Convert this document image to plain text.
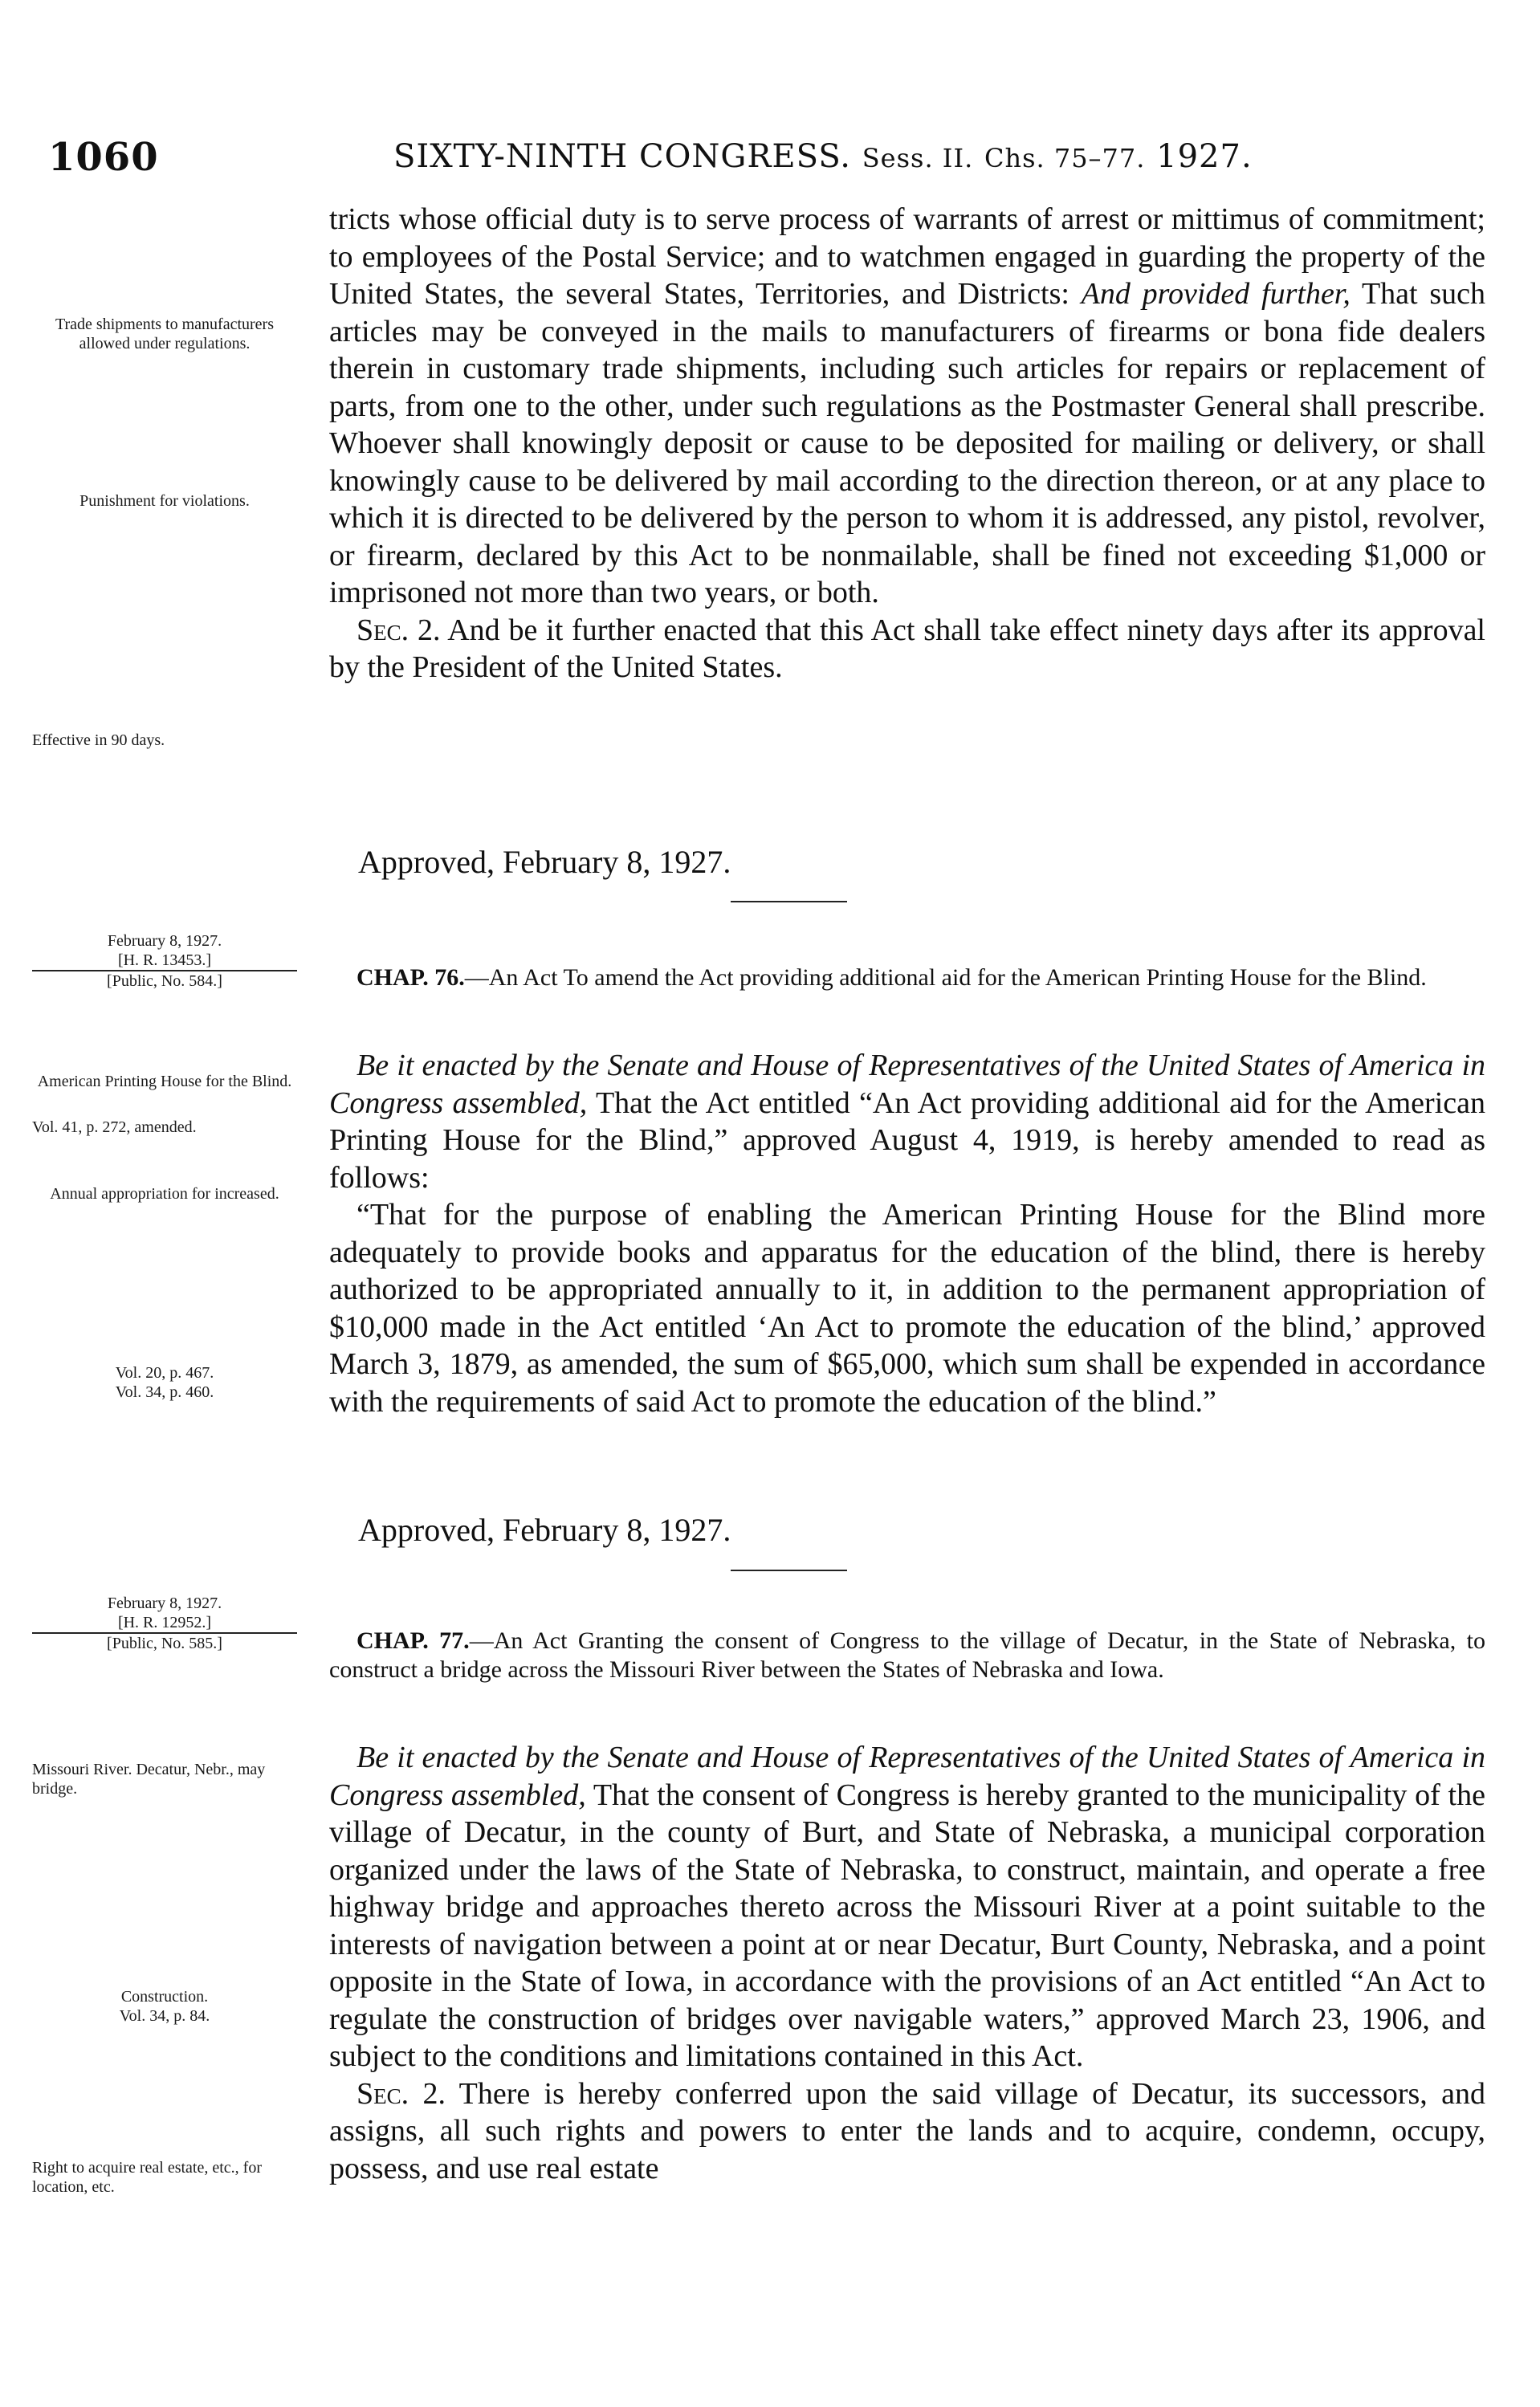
1060	SIXTY-NINTH CONGRESS. Sess. II. Chs. 75–77. 1927.
Trade shipments to manufacturers allowed under regulations.
Punishment for violations.
Effective in 90 days.
February 8, 1927.
[H. R. 13453.]
[Public, No. 584.]
American Printing House for the Blind.
Vol. 41, p. 272, amended.
Annual appropriation for increased.
Vol. 20, p. 467.
Vol. 34, p. 460.
February 8, 1927.
[H. R. 12952.]
[Public, No. 585.]
Missouri River. Decatur, Nebr., may bridge.
Construction.
Vol. 34, p. 84.
Right to acquire real estate, etc., for location, etc.

tricts whose official duty is to serve process of warrants of arrest or mittimus of commitment; to employees of the Postal Service; and to watchmen engaged in guarding the property of the United States, the several States, Territories, and Districts: And provided further, That such articles may be conveyed in the mails to manufacturers of firearms or bona fide dealers therein in customary trade shipments, including such articles for repairs or replacement of parts, from one to the other, under such regulations as the Postmaster General shall prescribe. Whoever shall knowingly deposit or cause to be deposited for mailing or delivery, or shall knowingly cause to be delivered by mail according to the direction thereon, or at any place to which it is directed to be delivered by the person to whom it is addressed, any pistol, revolver, or firearm, declared by this Act to be nonmailable, shall be fined not exceeding $1,000 or imprisoned not more than two years, or both.

Sec. 2. And be it further enacted that this Act shall take effect ninety days after its approval by the President of the United States.

Approved, February 8, 1927.

CHAP. 76.—An Act To amend the Act providing additional aid for the American Printing House for the Blind.

Be it enacted by the Senate and House of Representatives of the United States of America in Congress assembled, That the Act entitled “An Act providing additional aid for the American Printing House for the Blind,” approved August 4, 1919, is hereby amended to read as follows:

“That for the purpose of enabling the American Printing House for the Blind more adequately to provide books and apparatus for the education of the blind, there is hereby authorized to be appropriated annually to it, in addition to the permanent appropriation of $10,000 made in the Act entitled ‘An Act to promote the education of the blind,’ approved March 3, 1879, as amended, the sum of $65,000, which sum shall be expended in accordance with the requirements of said Act to promote the education of the blind.”

Approved, February 8, 1927.

CHAP. 77.—An Act Granting the consent of Congress to the village of Decatur, in the State of Nebraska, to construct a bridge across the Missouri River between the States of Nebraska and Iowa.

Be it enacted by the Senate and House of Representatives of the United States of America in Congress assembled, That the consent of Congress is hereby granted to the municipality of the village of Decatur, in the county of Burt, and State of Nebraska, a municipal corporation organized under the laws of the State of Nebraska, to construct, maintain, and operate a free highway bridge and approaches thereto across the Missouri River at a point suitable to the interests of navigation between a point at or near Decatur, Burt County, Nebraska, and a point opposite in the State of Iowa, in accordance with the provisions of an Act entitled “An Act to regulate the construction of bridges over navigable waters,” approved March 23, 1906, and subject to the conditions and limitations contained in this Act.

Sec. 2. There is hereby conferred upon the said village of Decatur, its successors, and assigns, all such rights and powers to enter the lands and to acquire, condemn, occupy, possess, and use real estate
